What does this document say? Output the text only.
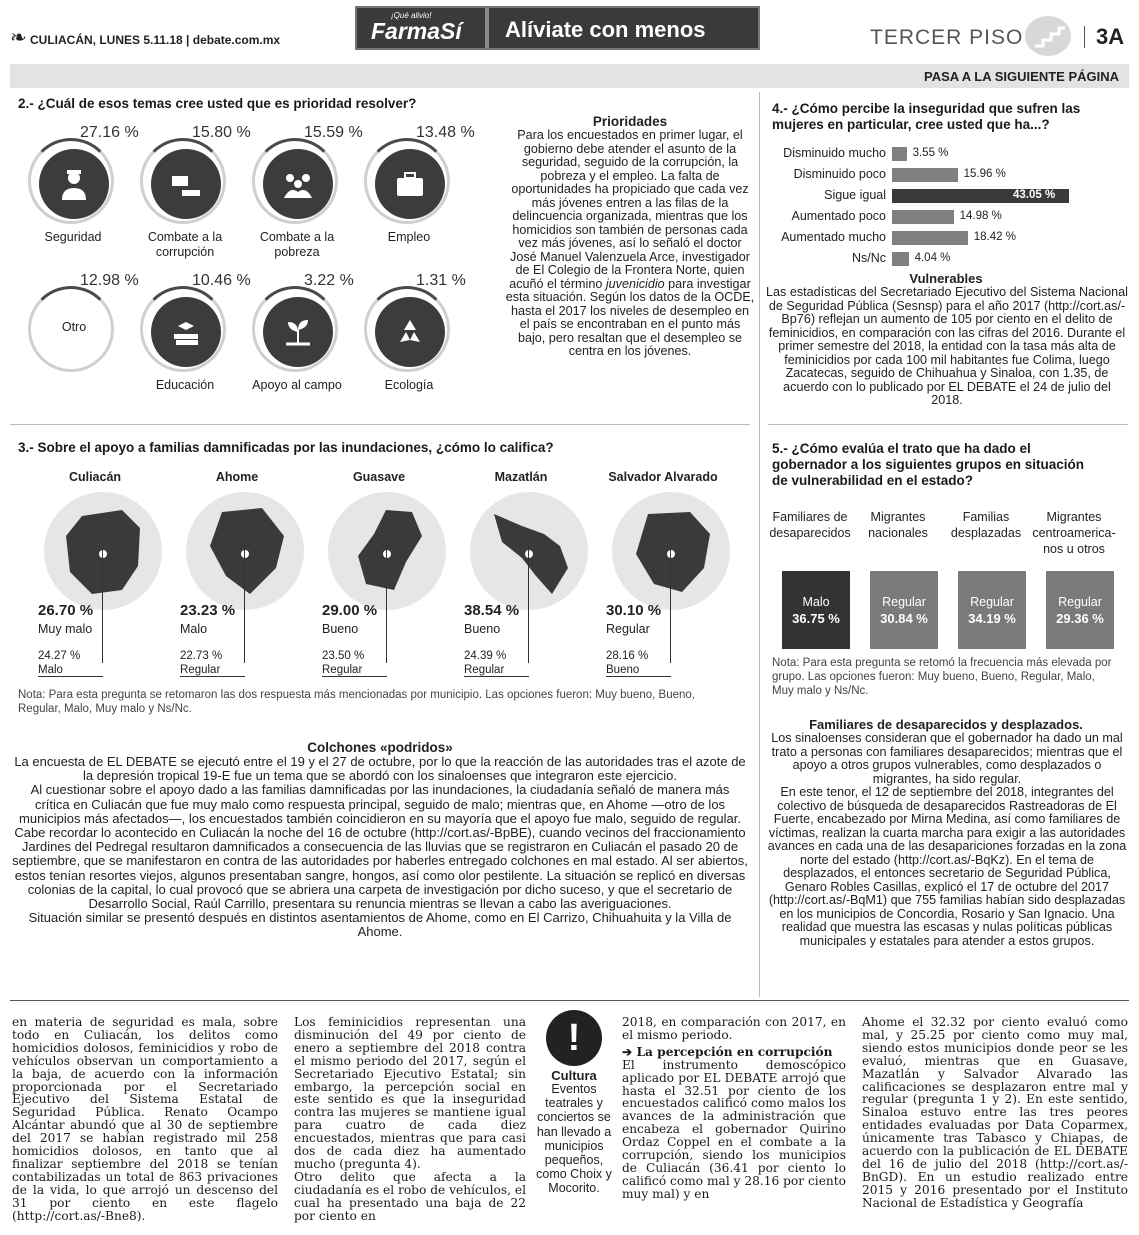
❧ CULIACÁN, LUNES 5.11.18 | debate.com.mx
¡Qué alivio!
FarmaSí Alíviate con menos	TERCER PISO	3A
PASA A LA SIGUIENTE PÁGINA
2.- ¿Cuál de esos temas cree usted que es prioridad resolver?
27.16 %
Seguridad
15.80 %
Combate a la corrupción
15.59 %
Combate a la pobreza
13.48 %
Empleo
12.98 %
Otro
10.46 %
Educación
3.22 %
Apoyo al campo
1.31 %
Ecología
Prioridades
Para los encuestados en primer lugar, el gobierno debe atender el asunto de la seguridad, seguido de la corrupción, la pobreza y el empleo. La falta de oportunidades ha propiciado que cada vez más jóvenes entren a las filas de la delincuencia organizada, mientras que los homicidios son también de personas cada vez más jóvenes, así lo señaló el doctor José Manuel Valenzuela Arce, investigador de El Colegio de la Frontera Norte, quien acuñó el término juvenicidio para investigar esta situación. Según los datos de la OCDE, hasta el 2017 los niveles de desempleo en el país se encontraban en el punto más bajo, pero resaltan que el desempleo se centra en los jóvenes.
4.- ¿Cómo percibe la inseguridad que sufren las mujeres en particular, cree usted que ha...?
Disminuido mucho 3.55 %
Disminuido poco	15.96 %
Sigue igual	43.05 %
Aumentado poco	14.98 %
Aumentado mucho	18.42 %
Ns/Nc 4.04 %
Vulnerables
Las estadísticas del Secretariado Ejecutivo del Sistema Nacional de Seguridad Pública (Sesnsp) para el año 2017 (http://cort.as/-Bp76) reflejan un aumento de 105 por ciento en el delito de feminicidios, en comparación con las cifras del 2016. Durante el primer semestre del 2018, la entidad con la tasa más alta de feminicidios por cada 100 mil habitantes fue Colima, luego Zacatecas, seguido de Chihuahua y Sinaloa, con 1.35, de acuerdo con lo publicado por EL DEBATE el 24 de julio del 2018.
3.- Sobre el apoyo a familias damnificadas por las inundaciones, ¿cómo lo califica?
Culiacán
26.70 %
Muy malo
24.27 %
Malo
Ahome
23.23 %
Malo
22.73 %
Regular
Guasave
29.00 %
Bueno
23.50 %
Regular
Mazatlán
38.54 %
Bueno
24.39 %
Regular
Salvador Alvarado
30.10 %
Regular
28.16 %
Bueno
Nota: Para esta pregunta se retomaron las dos respuesta más mencionadas por municipio. Las opciones fueron: Muy bueno, Bueno, Regular, Malo, Muy malo y Ns/Nc.
5.- ¿Cómo evalúa el trato que ha dado el gobernador a los siguientes grupos en situación de vulnerabilidad en el estado?
Familiares de desaparecidos
Malo
36.75 %
Migrantes nacionales
Regular
30.84 %
Familias desplazadas
Regular
34.19 %
Migrantes centroamerica-nos u otros
Regular
29.36 %
Nota: Para esta pregunta se retomó la frecuencia más elevada por grupo. Las opciones fueron: Muy bueno, Bueno, Regular, Malo, Muy malo y Ns/Nc.
Colchones «podridos»
La encuesta de EL DEBATE se ejecutó entre el 19 y el 27 de octubre, por lo que la reacción de las autoridades tras el azote de la depresión tropical 19-E fue un tema que se abordó con los sinaloenses que integraron este ejercicio.
Al cuestionar sobre el apoyo dado a las familias damnificadas por las inundaciones, la ciudadanía señaló de manera más crítica en Culiacán que fue muy malo como respuesta principal, seguido de malo; mientras que, en Ahome —otro de los municipios más afectados—, los encuestados también coincidieron en su mayoría que el apoyo fue malo, seguido de regular.
Cabe recordar lo acontecido en Culiacán la noche del 16 de octubre (http://cort.as/-BpBE), cuando vecinos del fraccionamiento Jardines del Pedregal resultaron damnificados a consecuencia de las lluvias que se registraron en Culiacán el pasado 20 de septiembre, que se manifestaron en contra de las autoridades por haberles entregado colchones en mal estado. Al ser abiertos, estos tenían resortes viejos, algunos presentaban sangre, hongos, así como olor pestilente. La situación se replicó en diversas colonias de la capital, lo cual provocó que se abriera una carpeta de investigación por dicho suceso, y que el secretario de Desarrollo Social, Raúl Carrillo, presentara su renuncia mientras se llevan a cabo las averiguaciones.
Situación similar se presentó después en distintos asentamientos de Ahome, como en El Carrizo, Chihuahuita y la Villa de Ahome.
Familiares de desaparecidos y desplazados.
Los sinaloenses consideran que el gobernador ha dado un mal trato a personas con familiares desaparecidos; mientras que el apoyo a otros grupos vulnerables, como desplazados o migrantes, ha sido regular.
En este tenor, el 12 de septiembre del 2018, integrantes del colectivo de búsqueda de desaparecidos Rastreadoras de El Fuerte, encabezado por Mirna Medina, así como familiares de víctimas, realizan la cuarta marcha para exigir a las autoridades avances en cada una de las desapariciones forzadas en la zona norte del estado (http://cort.as/-BqKz). En el tema de desplazados, el entonces secretario de Seguridad Pública, Genaro Robles Casillas, explicó el 17 de octubre del 2017 (http://cort.as/-BqM1) que 755 familias habían sido desplazadas en los municipios de Concordia, Rosario y San Ignacio. Una realidad que muestra las escasas y nulas políticas públicas municipales y estatales para atender a estos grupos.
en materia de seguridad es mala, sobre todo en Culiacán, los delitos como homicidios dolosos, feminicidios y robo de vehículos observan un comportamiento a la baja, de acuerdo con la información proporcionada por el Secretariado Ejecutivo del Sistema Estatal de Seguridad Pública. Renato Ocampo Alcántar abundó que al 30 de septiembre del 2017 se habían registrado mil 258 homicidios dolosos, en tanto que al finalizar septiembre del 2018 se tenían contabilizadas un total de 863 privaciones de la vida, lo que arrojó un descenso del 31 por ciento en este flagelo (http://cort.as/-Bne8).
Los feminicidios representan una disminución del 49 por ciento de enero a septiembre del 2018 contra el mismo periodo del 2017, según el Secretariado Ejecutivo Estatal; sin embargo, la percepción social en este sentido es que la inseguridad contra las mujeres se mantiene igual para cuatro de cada diez encuestados, mientras que para casi dos de cada diez ha aumentado mucho (pregunta 4).
Otro delito que afecta a la ciudadanía es el robo de vehículos, el cual ha presentado una baja de 22 por ciento en
!
Cultura
Eventos teatrales y conciertos se han llevado a municipios pequeños, como Choix y Mocorito.
2018, en comparación con 2017, en el mismo periodo.
➔ La percepción en corrupción
El instrumento demoscópico aplicado por EL DEBATE arrojó que hasta el 32.51 por ciento de los encuestados calificó como malos los avances de la administración que encabeza el gobernador Quirino Ordaz Coppel en el combate a la corrupción, siendo los municipios de Culiacán (36.41 por ciento lo calificó como mal y 28.16 por ciento muy mal) y en
Ahome el 32.32 por ciento evaluó como mal, y 25.25 por ciento como muy mal, siendo estos municipios donde peor se les evaluó, mientras que en Guasave, Mazatlán y Salvador Alvarado las calificaciones se desplazaron entre mal y regular (pregunta 1 y 2). En este sentido, Sinaloa estuvo entre las tres peores entidades evaluadas por Data Coparmex, únicamente tras Tabasco y Chiapas, de acuerdo con la publicación de EL DEBATE del 16 de julio del 2018 (http://cort.as/-BnGD). En un estudio realizado entre 2015 y 2016 presentado por el Instituto Nacional de Estadística y Geografía
